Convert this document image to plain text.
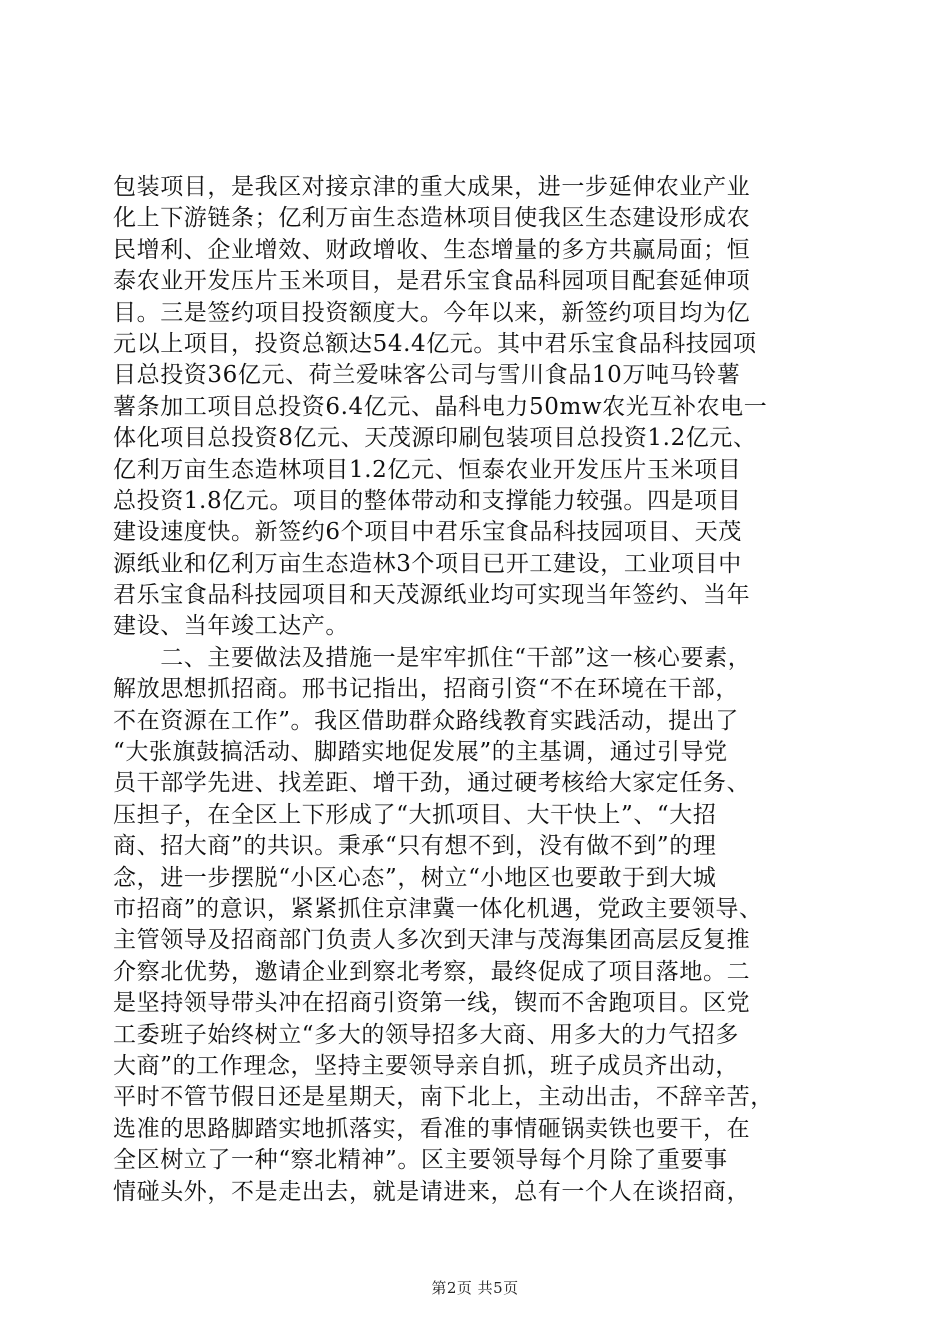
包装项目，是我区对接京津的重大成果，进一步延伸农业产业
化上下游链条；亿利万亩生态造林项目使我区生态建设形成农
民增利、企业增效、财政增收、生态增量的多方共赢局面；恒
泰农业开发压片玉米项目，是君乐宝食品科园项目配套延伸项
目。三是签约项目投资额度大。今年以来，新签约项目均为亿
元以上项目，投资总额达54.4亿元。其中君乐宝食品科技园项
目总投资36亿元、荷兰爱味客公司与雪川食品10万吨马铃薯
薯条加工项目总投资6.4亿元、晶科电力50mw农光互补农电一
体化项目总投资8亿元、天茂源印刷包装项目总投资1.2亿元、
亿利万亩生态造林项目1.2亿元、恒泰农业开发压片玉米项目
总投资1.8亿元。项目的整体带动和支撑能力较强。四是项目
建设速度快。新签约6个项目中君乐宝食品科技园项目、天茂
源纸业和亿利万亩生态造林3个项目已开工建设，工业项目中
君乐宝食品科技园项目和天茂源纸业均可实现当年签约、当年
建设、当年竣工达产。
　　二、主要做法及措施一是牢牢抓住“干部”这一核心要素，
解放思想抓招商。邢书记指出，招商引资“不在环境在干部，
不在资源在工作”。我区借助群众路线教育实践活动，提出了
“大张旗鼓搞活动、脚踏实地促发展”的主基调，通过引导党
员干部学先进、找差距、增干劲，通过硬考核给大家定任务、
压担子，在全区上下形成了“大抓项目、大干快上”、“大招
商、招大商”的共识。秉承“只有想不到，没有做不到”的理
念，进一步摆脱“小区心态”，树立“小地区也要敢于到大城
市招商”的意识，紧紧抓住京津冀一体化机遇，党政主要领导、
主管领导及招商部门负责人多次到天津与茂海集团高层反复推
介察北优势，邀请企业到察北考察，最终促成了项目落地。二
是坚持领导带头冲在招商引资第一线，锲而不舍跑项目。区党
工委班子始终树立“多大的领导招多大商、用多大的力气招多
大商”的工作理念，坚持主要领导亲自抓，班子成员齐出动，
平时不管节假日还是星期天，南下北上，主动出击，不辞辛苦，
选准的思路脚踏实地抓落实，看准的事情砸锅卖铁也要干，在
全区树立了一种“察北精神”。区主要领导每个月除了重要事
情碰头外，不是走出去，就是请进来，总有一个人在谈招商，
第2页 共5页
